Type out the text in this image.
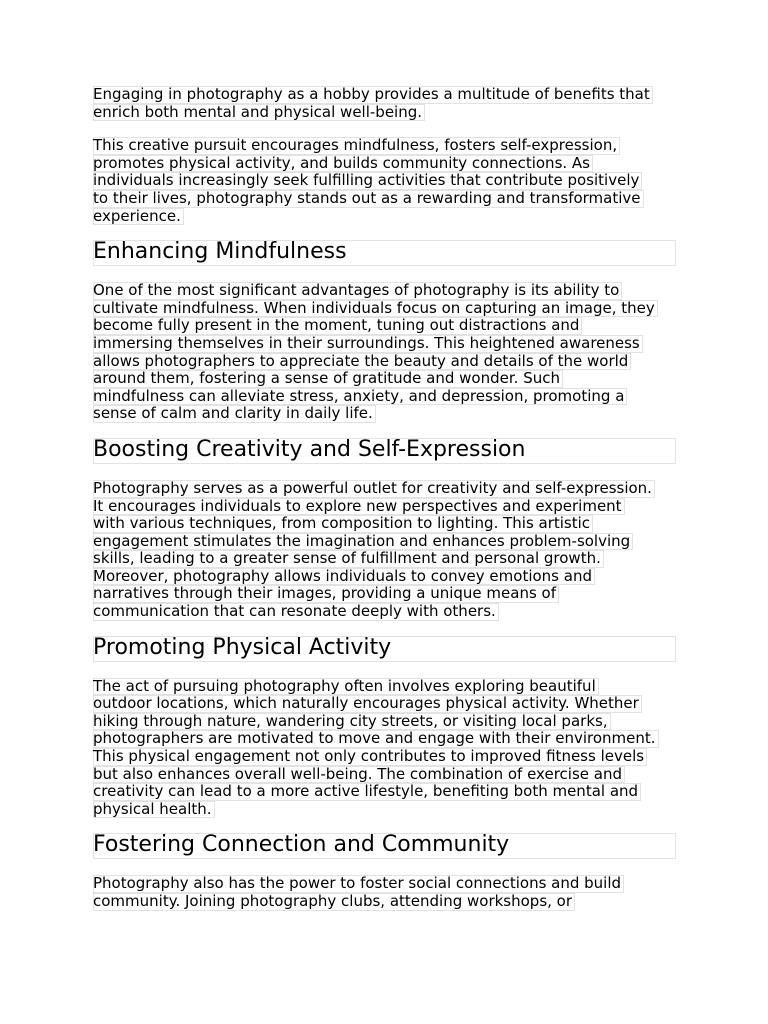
Engaging in photography as a hobby provides a multitude of benefits that
enrich both mental and physical well-being.
This creative pursuit encourages mindfulness, fosters self-expression,
promotes physical activity, and builds community connections. As
individuals increasingly seek fulfilling activities that contribute positively
to their lives, photography stands out as a rewarding and transformative
experience.
Enhancing Mindfulness
One of the most significant advantages of photography is its ability to
cultivate mindfulness. When individuals focus on capturing an image, they
become fully present in the moment, tuning out distractions and
immersing themselves in their surroundings. This heightened awareness
allows photographers to appreciate the beauty and details of the world
around them, fostering a sense of gratitude and wonder. Such
mindfulness can alleviate stress, anxiety, and depression, promoting a
sense of calm and clarity in daily life.
Boosting Creativity and Self-Expression
Photography serves as a powerful outlet for creativity and self-expression.
It encourages individuals to explore new perspectives and experiment
with various techniques, from composition to lighting. This artistic
engagement stimulates the imagination and enhances problem-solving
skills, leading to a greater sense of fulfillment and personal growth.
Moreover, photography allows individuals to convey emotions and
narratives through their images, providing a unique means of
communication that can resonate deeply with others.
Promoting Physical Activity
The act of pursuing photography often involves exploring beautiful
outdoor locations, which naturally encourages physical activity. Whether
hiking through nature, wandering city streets, or visiting local parks,
photographers are motivated to move and engage with their environment.
This physical engagement not only contributes to improved fitness levels
but also enhances overall well-being. The combination of exercise and
creativity can lead to a more active lifestyle, benefiting both mental and
physical health.
Fostering Connection and Community
Photography also has the power to foster social connections and build
community. Joining photography clubs, attending workshops, or
